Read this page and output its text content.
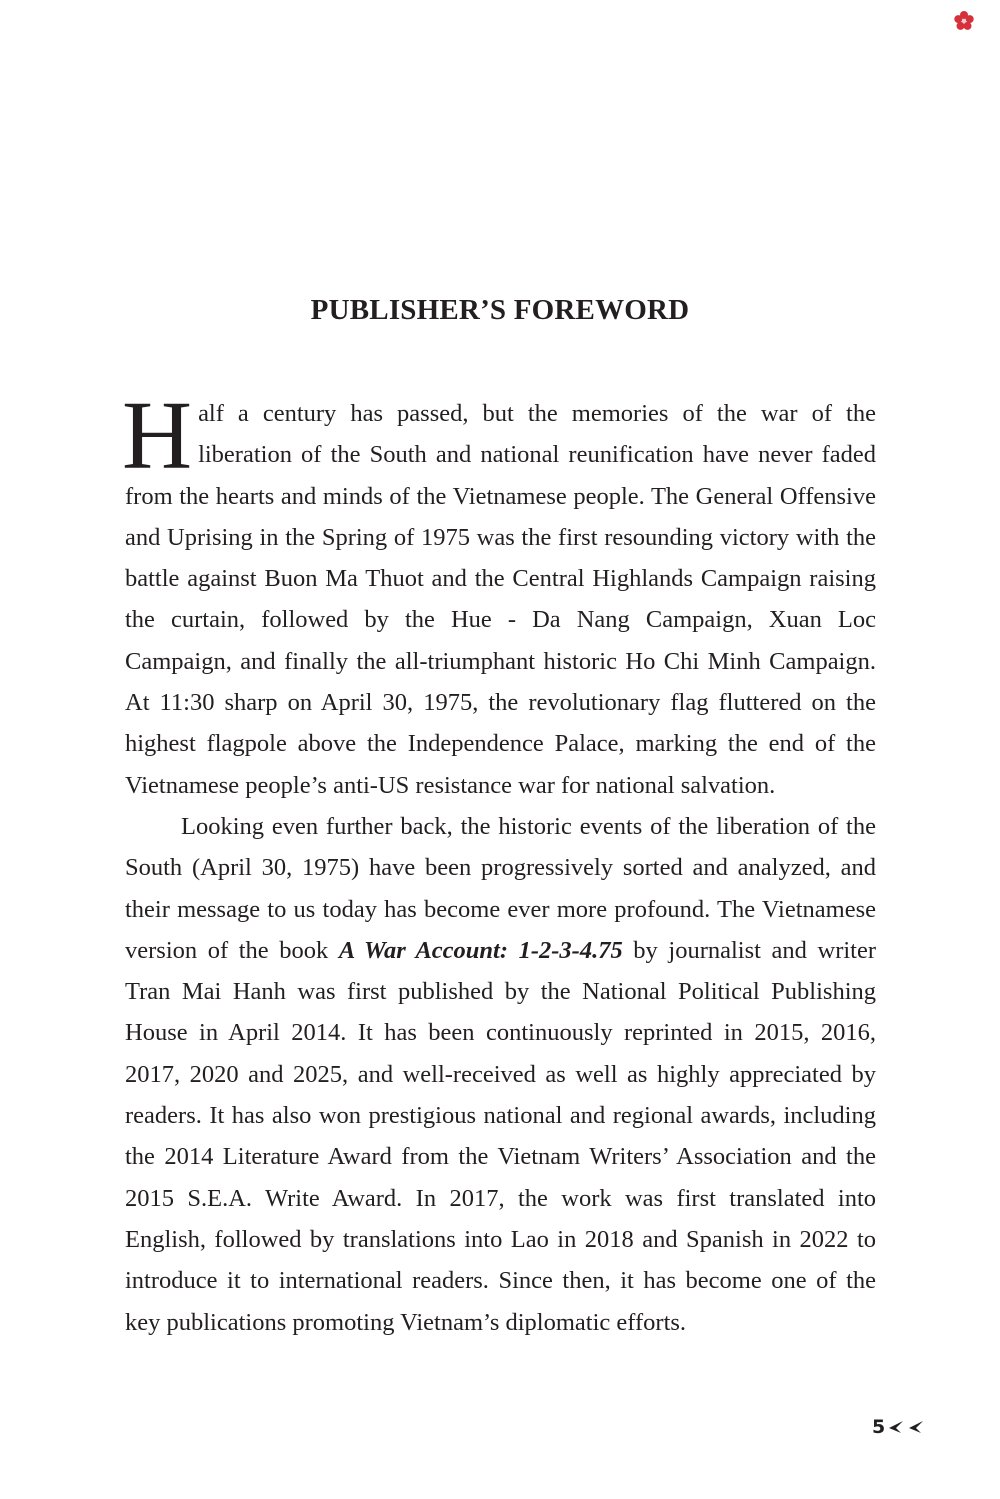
PUBLISHER’S FOREWORD

Half a century has passed, but the memories of the war of the liberation of the South and national reunification have never faded from the hearts and minds of the Vietnamese people. The General Offensive and Uprising in the Spring of 1975 was the first resounding victory with the battle against Buon Ma Thuot and the Central Highlands Campaign raising the curtain, followed by the Hue - Da Nang Campaign, Xuan Loc Campaign, and finally the all-triumphant historic Ho Chi Minh Campaign. At 11:30 sharp on April 30, 1975, the revolutionary flag fluttered on the highest flagpole above the Independence Palace, marking the end of the Vietnamese people’s anti-US resistance war for national salvation.

Looking even further back, the historic events of the liberation of the South (April 30, 1975) have been progressively sorted and analyzed, and their message to us today has become ever more profound. The Vietnamese version of the book A War Account: 1-2-3-4.75 by journalist and writer Tran Mai Hanh was first published by the National Political Publishing House in April 2014. It has been continuously reprinted in 2015, 2016, 2017, 2020 and 2025, and well-received as well as highly appreciated by readers. It has also won prestigious national and regional awards, including the 2014 Literature Award from the Vietnam Writers’ Association and the 2015 S.E.A. Write Award. In 2017, the work was first translated into English, followed by translations into Lao in 2018 and Spanish in 2022 to introduce it to international readers. Since then, it has become one of the key publications promoting Vietnam’s diplomatic efforts.

5
